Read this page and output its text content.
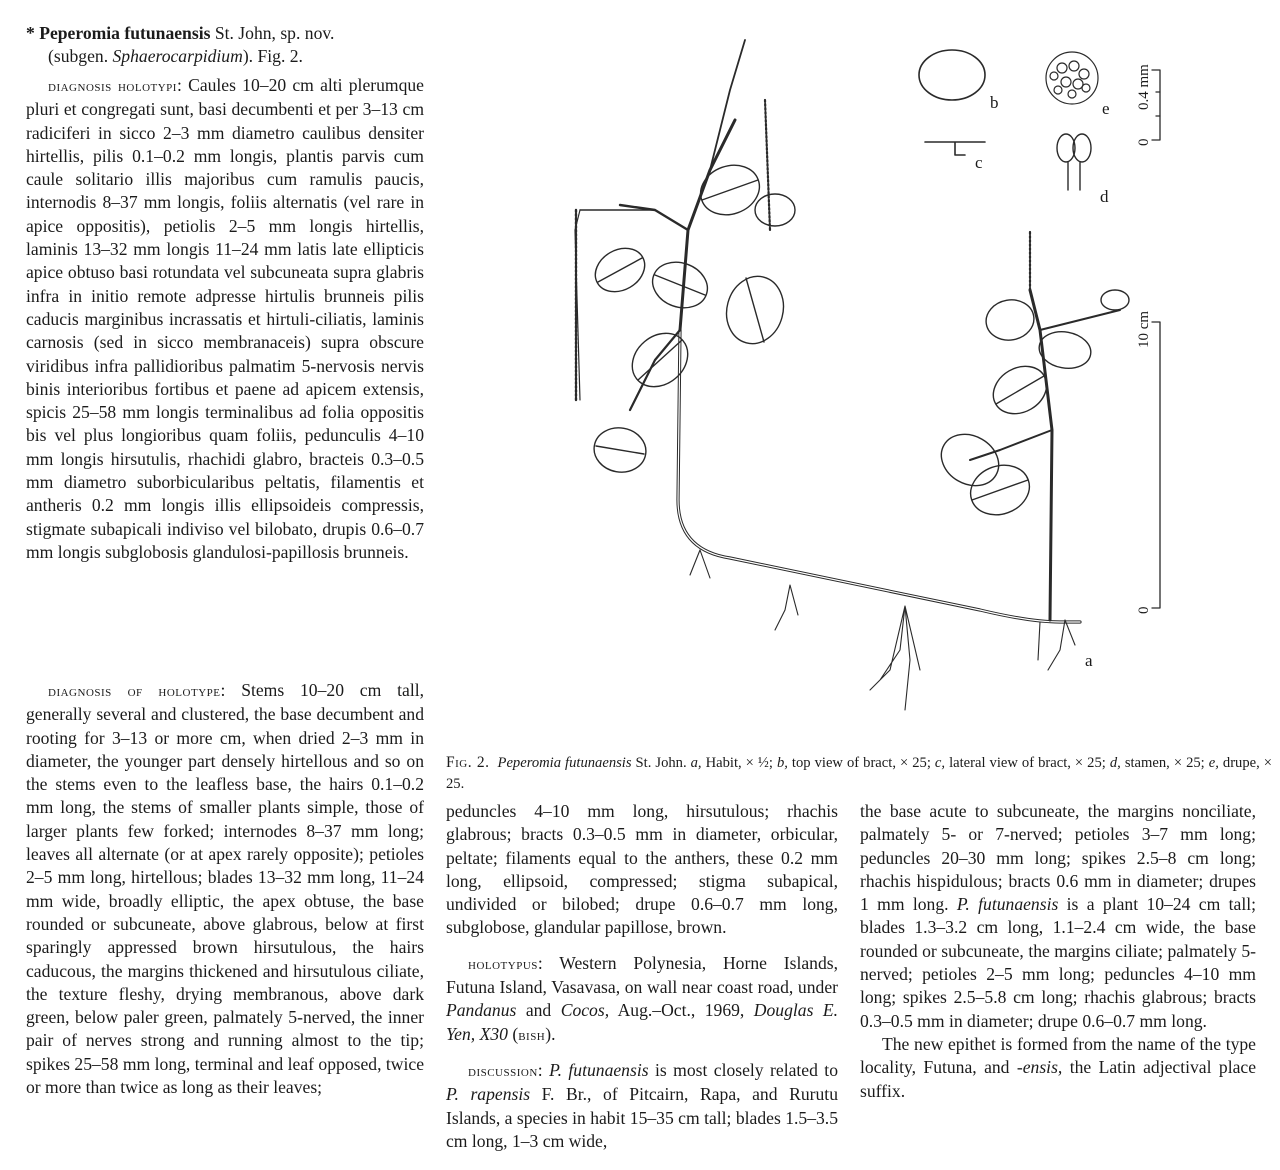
* Peperomia futunaensis St. John, sp. nov.
(subgen. Sphaerocarpidium). Fig. 2.

diagnosis holotypi: Caules 10–20 cm alti plerumque pluri et congregati sunt, basi decumbenti et per 3–13 cm radiciferi in sicco 2–3 mm diametro caulibus densiter hirtellis, pilis 0.1–0.2 mm longis, plantis parvis cum caule solitario illis majoribus cum ramulis paucis, internodis 8–37 mm longis, foliis alternatis (vel rare in apice oppositis), petiolis 2–5 mm longis hirtellis, laminis 13–32 mm longis 11–24 mm latis late ellipticis apice obtuso basi rotundata vel subcuneata supra glabris infra in initio remote adpresse hirtulis brunneis pilis caducis marginibus incrassatis et hirtuli-ciliatis, laminis carnosis (sed in sicco membranaceis) supra obscure viridibus infra pallidioribus palmatim 5-nervosis nervis binis interioribus fortibus et paene ad apicem extensis, spicis 25–58 mm longis terminalibus ad folia oppositis bis vel plus longioribus quam foliis, pedunculis 4–10 mm longis hirsutulis, rhachidi glabro, bracteis 0.3–0.5 mm diametro suborbicularibus peltatis, filamentis et antheris 0.2 mm longis illis ellipsoideis compressis, stigmate subapicali indiviso vel bilobato, drupis 0.6–0.7 mm longis subglobosis glandulosi-papillosis brunneis.

diagnosis of holotype: Stems 10–20 cm tall, generally several and clustered, the base decumbent and rooting for 3–13 or more cm, when dried 2–3 mm in diameter, the younger part densely hirtellous and so on the stems even to the leafless base, the hairs 0.1–0.2 mm long, the stems of smaller plants simple, those of larger plants few forked; internodes 8–37 mm long; leaves all alternate (or at apex rarely opposite); petioles 2–5 mm long, hirtellous; blades 13–32 mm long, 11–24 mm wide, broadly elliptic, the apex obtuse, the base rounded or subcuneate, above glabrous, below at first sparingly appressed brown hirsutulous, the hairs caducous, the margins thickened and hirsutulous ciliate, the texture fleshy, drying membranous, above dark green, below paler green, palmately 5-nerved, the inner pair of nerves strong and running almost to the tip; spikes 25–58 mm long, terminal and leaf opposed, twice or more than twice as long as their leaves;

b
c
e
d
a
0.4 mm
0
10 cm
0
Fig. 2. Peperomia futunaensis St. John. a, Habit, × ½; b, top view of bract, × 25; c, lateral view of bract, × 25; d, stamen, × 25; e, drupe, × 25.

peduncles 4–10 mm long, hirsutulous; rhachis glabrous; bracts 0.3–0.5 mm in diameter, orbicular, peltate; filaments equal to the anthers, these 0.2 mm long, ellipsoid, compressed; stigma subapical, undivided or bilobed; drupe 0.6–0.7 mm long, subglobose, glandular papillose, brown.

holotypus: Western Polynesia, Horne Islands, Futuna Island, Vasavasa, on wall near coast road, under Pandanus and Cocos, Aug.–Oct., 1969, Douglas E. Yen, X30 (bish).

discussion: P. futunaensis is most closely related to P. rapensis F. Br., of Pitcairn, Rapa, and Rurutu Islands, a species in habit 15–35 cm tall; blades 1.5–3.5 cm long, 1–3 cm wide,

the base acute to subcuneate, the margins nonciliate, palmately 5- or 7-nerved; petioles 3–7 mm long; peduncles 20–30 mm long; spikes 2.5–8 cm long; rhachis hispidulous; bracts 0.6 mm in diameter; drupes 1 mm long. P. futunaensis is a plant 10–24 cm tall; blades 1.3–3.2 cm long, 1.1–2.4 cm wide, the base rounded or subcuneate, the margins ciliate; palmately 5-nerved; petioles 2–5 mm long; peduncles 4–10 mm long; spikes 2.5–5.8 cm long; rhachis glabrous; bracts 0.3–0.5 mm in diameter; drupe 0.6–0.7 mm long.

The new epithet is formed from the name of the type locality, Futuna, and -ensis, the Latin adjectival place suffix.
